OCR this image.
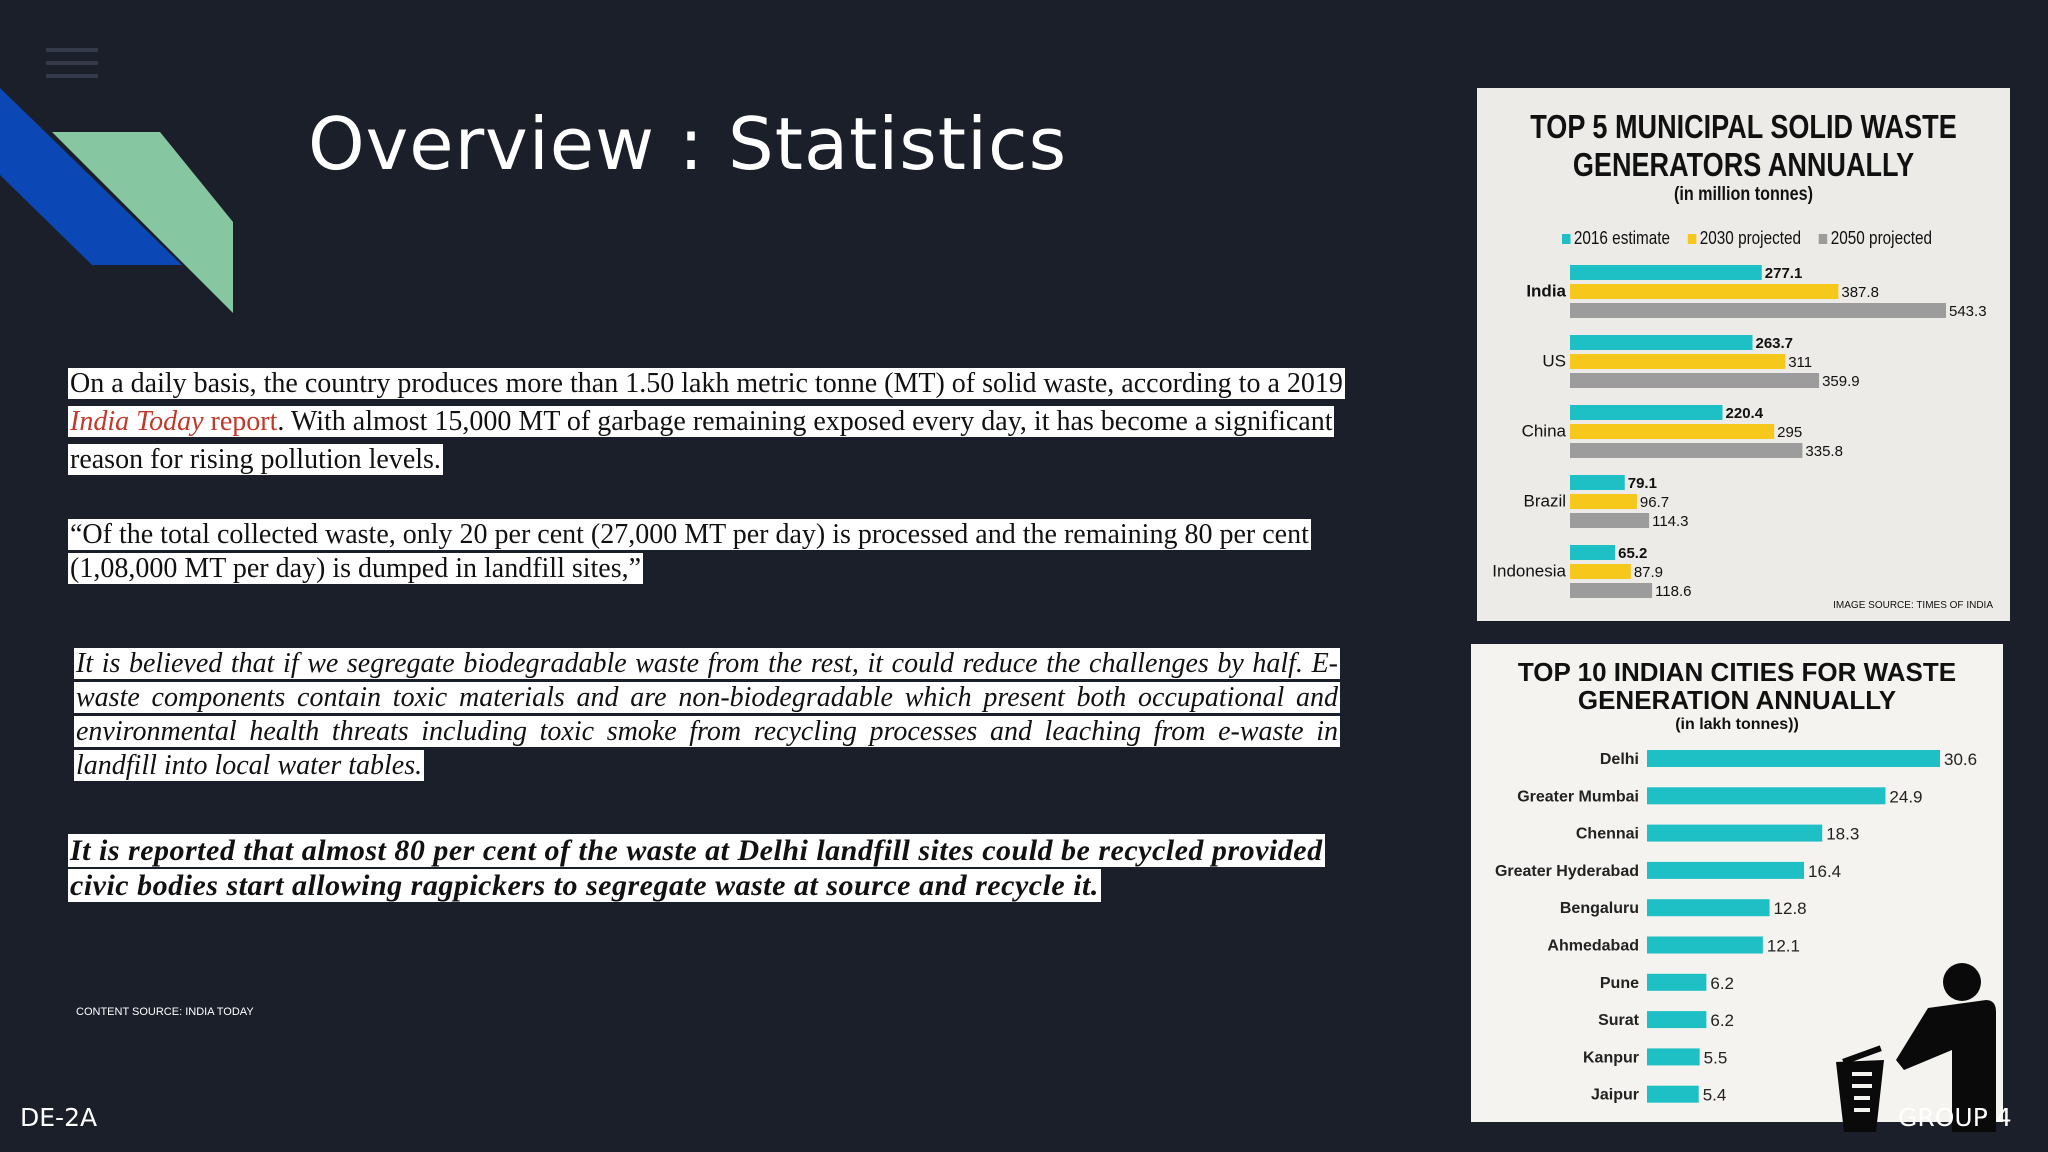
Overview : Statistics
On a daily basis, the country produces more than 1.50 lakh metric tonne (MT) of solid waste, according to a 2019 India Today report. With almost 15,000 MT of garbage remaining exposed every day, it has become a significant reason for rising pollution levels.
“Of the total collected waste, only 20 per cent (27,000 MT per day) is processed and the remaining 80 per cent (1,08,000 MT per day) is dumped in landfill sites,”
It is believed that if we segregate biodegradable waste from the rest, it could reduce the challenges by half. E-waste components contain toxic materials and are non-biodegradable which present both occupational and environmental health threats including toxic smoke from recycling processes and leaching from e-waste in landfill into local water tables.
It is reported that almost 80 per cent of the waste at Delhi landfill sites could be recycled provided civic bodies start allowing ragpickers to segregate waste at source and recycle it.
CONTENT SOURCE: INDIA TODAY
TOP 5 MUNICIPAL SOLID WASTE
GENERATORS ANNUALLY
(in million tonnes)
2016 estimate 2030 projected 2050 projected
India
277.1
387.8
543.3
US
263.7
311
359.9
China
220.4
295
335.8
Brazil
79.1
96.7
114.3
Indonesia
65.2
87.9
118.6
IMAGE SOURCE: TIMES OF INDIA
TOP 10 INDIAN CITIES FOR WASTE
GENERATION ANNUALLY
(in lakh tonnes))
Delhi	30.6
Greater Mumbai	24.9
Chennai	18.3
Greater Hyderabad	16.4
Bengaluru	12.8
Ahmedabad	12.1
Pune	6.2
Surat	6.2
Kanpur	5.5
Jaipur	5.4
DE-2A	GROUP 4
